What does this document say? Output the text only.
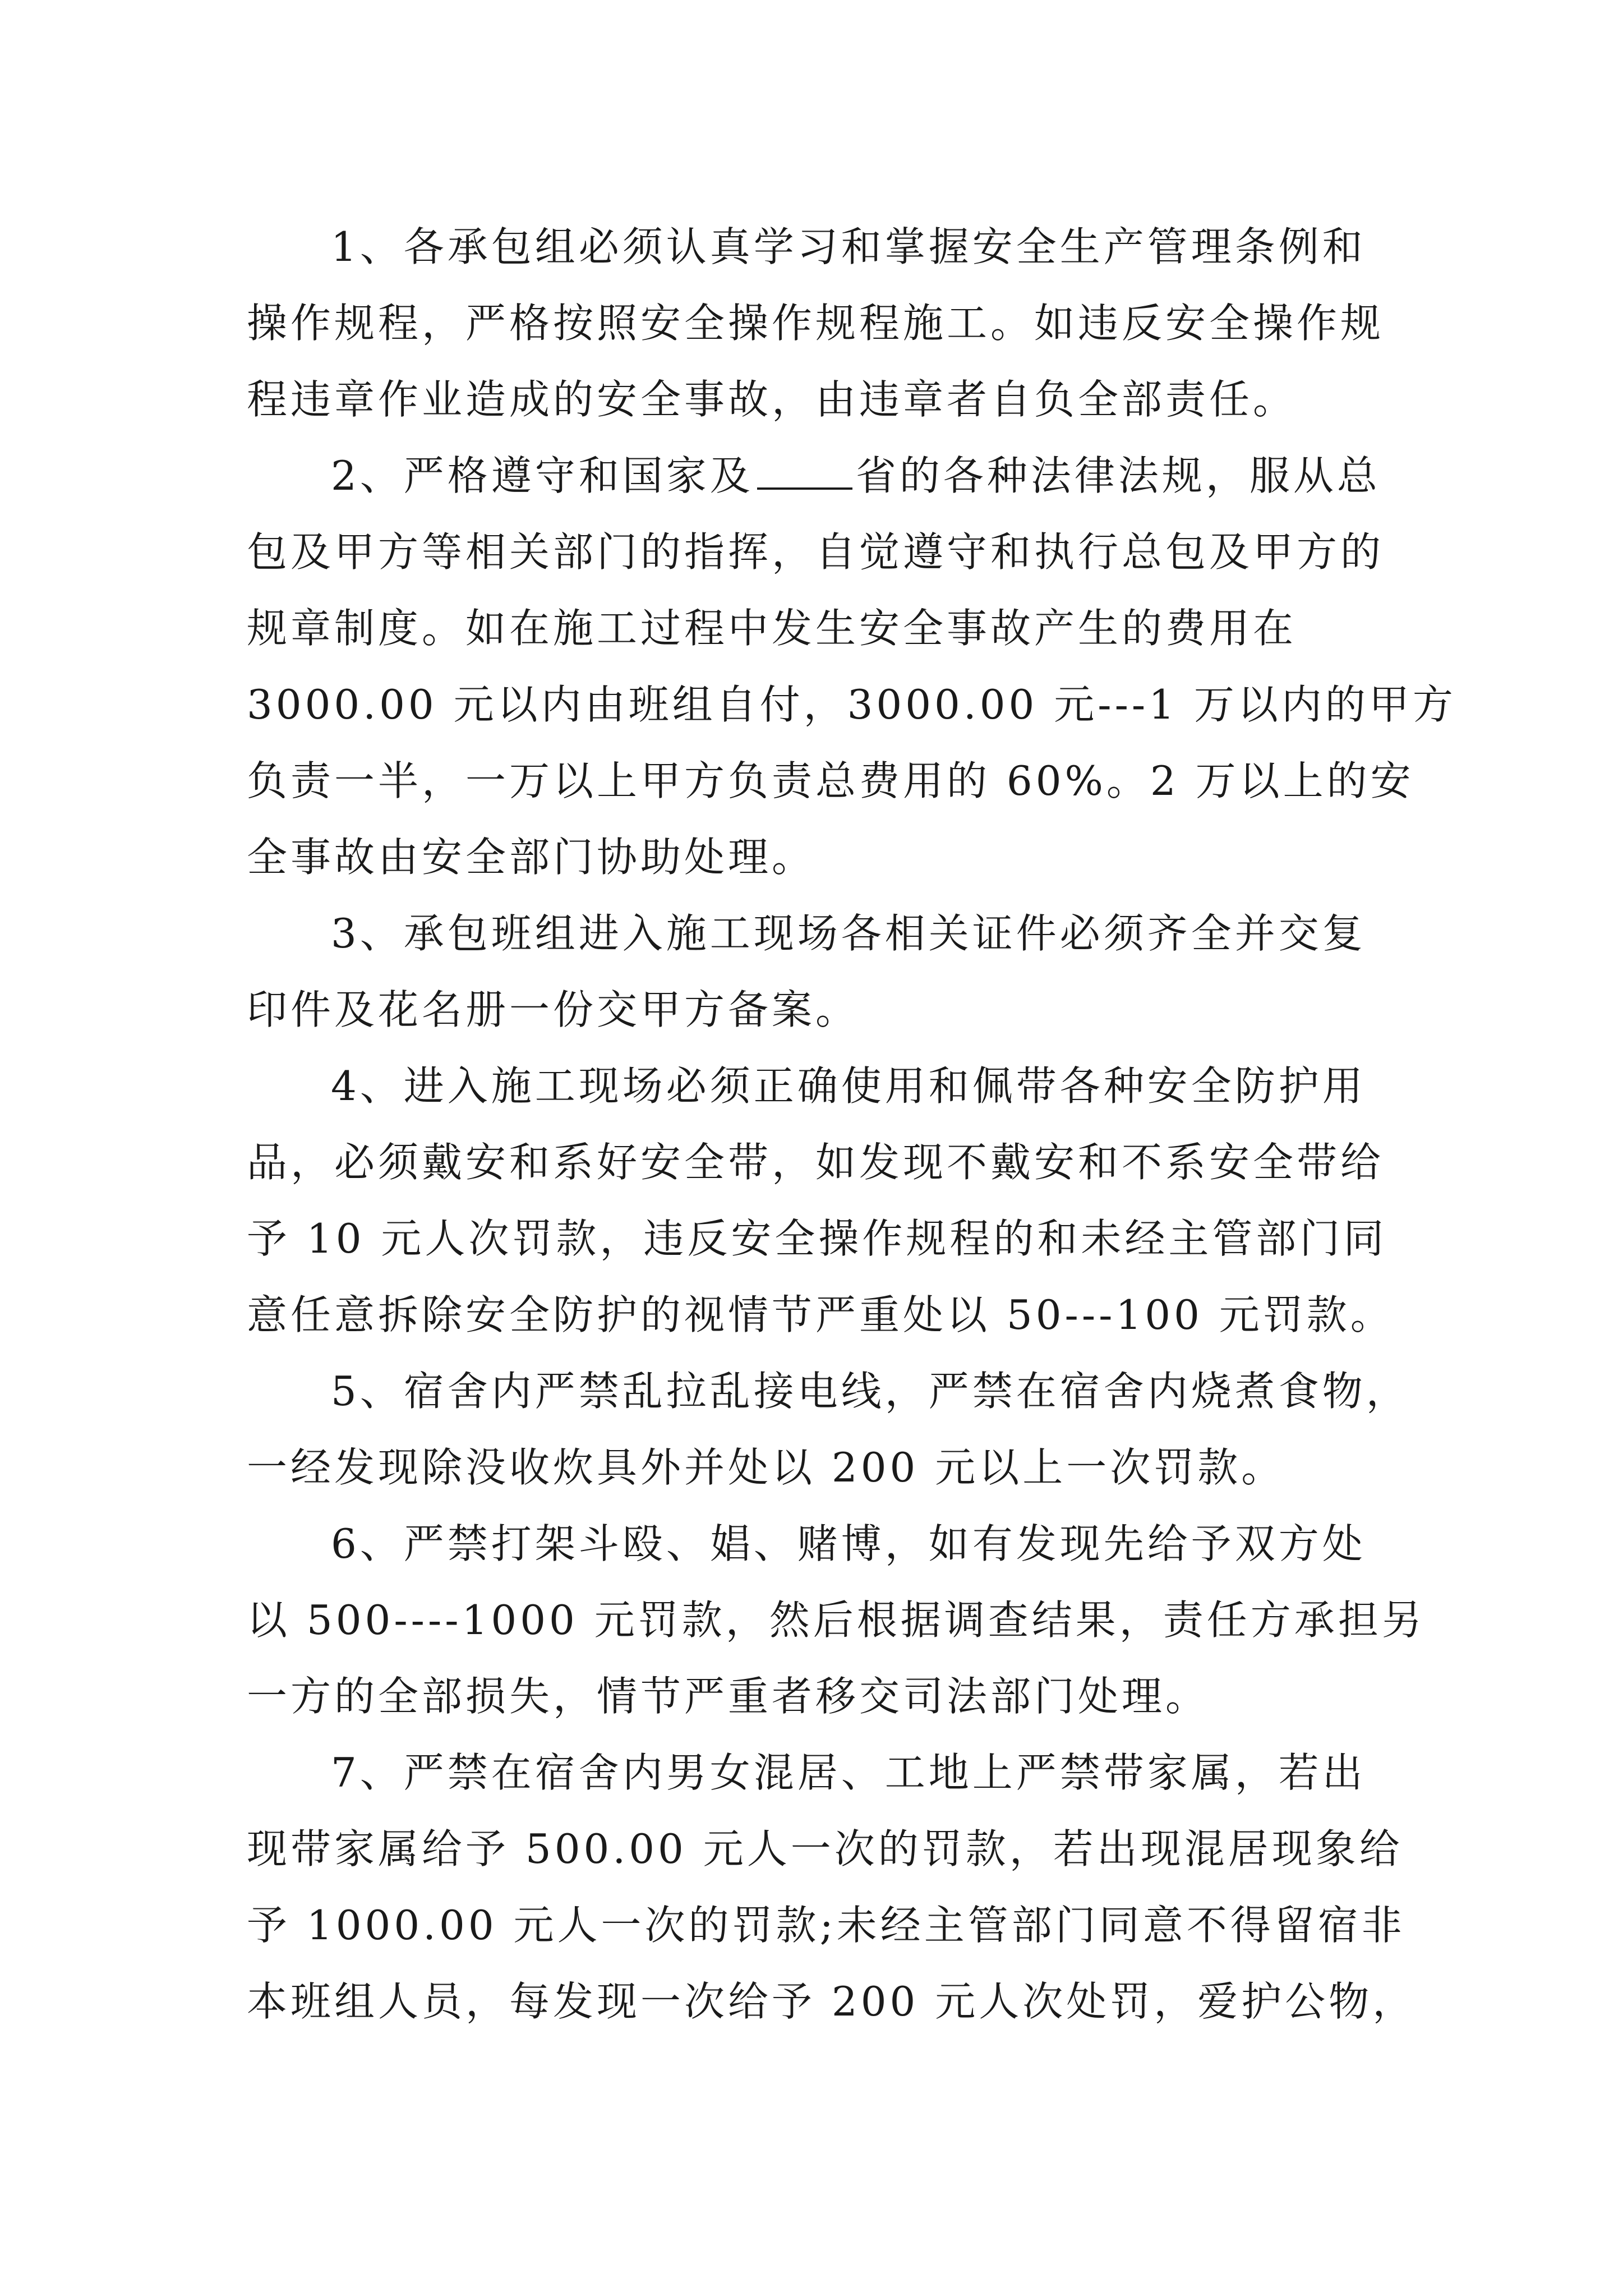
1、各承包组必须认真学习和掌握安全生产管理条例和
操作规程，严格按照安全操作规程施工。如违反安全操作规
程违章作业造成的安全事故，由违章者自负全部责任。
2、严格遵守和国家及	省的各种法律法规，服从总
包及甲方等相关部门的指挥，自觉遵守和执行总包及甲方的
规章制度。如在施工过程中发生安全事故产生的费用在
3000.00 元以内由班组自付，3000.00 元---1 万以内的甲方
负责一半，一万以上甲方负责总费用的 60%。2 万以上的安
全事故由安全部门协助处理。
3、承包班组进入施工现场各相关证件必须齐全并交复
印件及花名册一份交甲方备案。
4、进入施工现场必须正确使用和佩带各种安全防护用
品，必须戴安和系好安全带，如发现不戴安和不系安全带给
予 10 元人次罚款，违反安全操作规程的和未经主管部门同
意任意拆除安全防护的视情节严重处以 50---100 元罚款。
5、宿舍内严禁乱拉乱接电线，严禁在宿舍内烧煮食物，
一经发现除没收炊具外并处以 200 元以上一次罚款。
6、严禁打架斗殴、娼、赌博，如有发现先给予双方处
以 500----1000 元罚款，然后根据调查结果，责任方承担另
一方的全部损失，情节严重者移交司法部门处理。
7、严禁在宿舍内男女混居、工地上严禁带家属，若出
现带家属给予 500.00 元人一次的罚款，若出现混居现象给
予 1000.00 元人一次的罚款;未经主管部门同意不得留宿非
本班组人员，每发现一次给予 200 元人次处罚，爱护公物，
